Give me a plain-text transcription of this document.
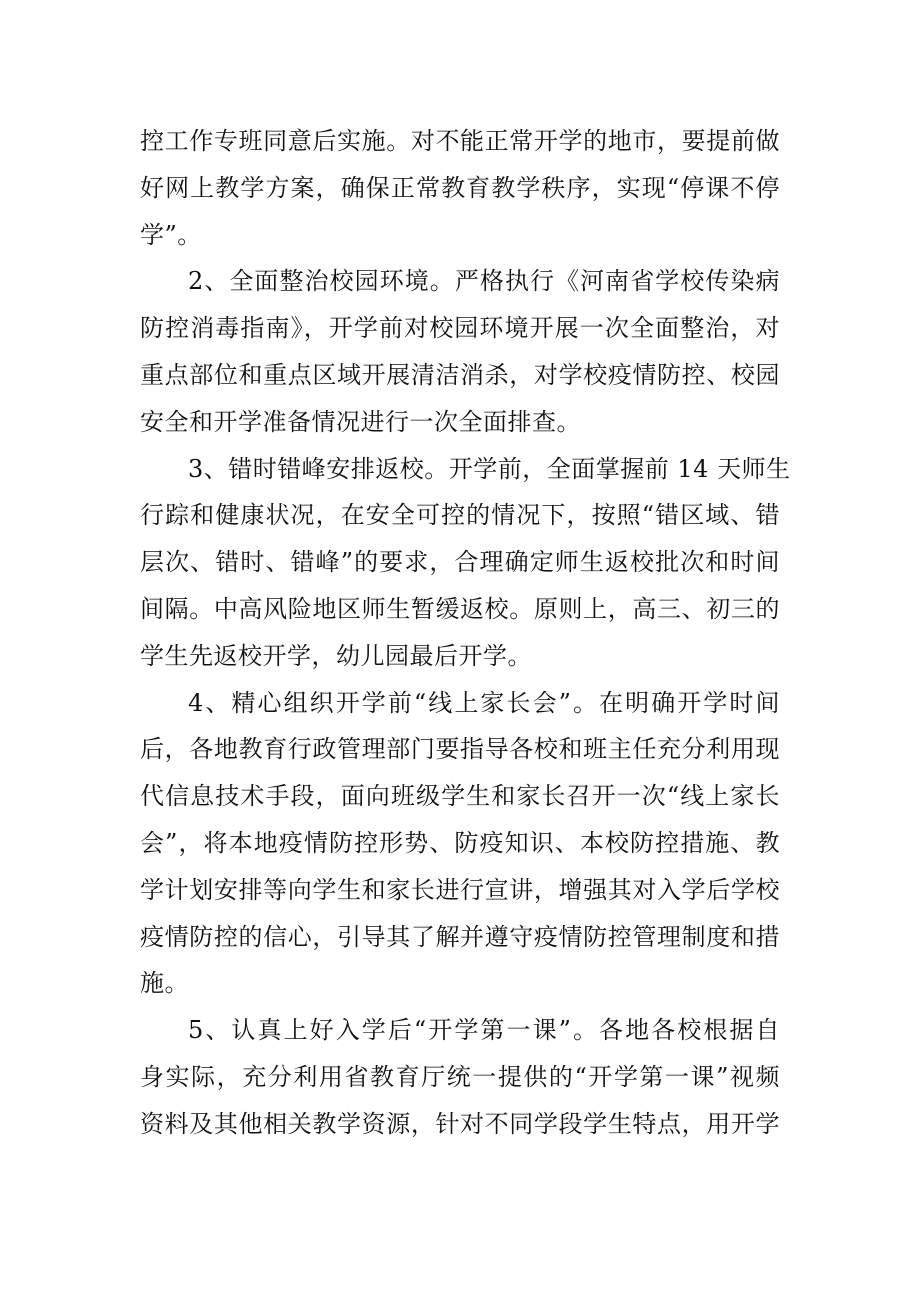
控工作专班同意后实施。对不能正常开学的地市，要提前做
好网上教学方案，确保正常教育教学秩序，实现“停课不停
学”。
2、全面整治校园环境。严格执行《河南省学校传染病
防控消毒指南》，开学前对校园环境开展一次全面整治，对
重点部位和重点区域开展清洁消杀，对学校疫情防控、校园
安全和开学准备情况进行一次全面排查。
3、错时错峰安排返校。开学前，全面掌握前 14 天师生
行踪和健康状况，在安全可控的情况下，按照“错区域、错
层次、错时、错峰”的要求，合理确定师生返校批次和时间
间隔。中高风险地区师生暂缓返校。原则上，高三、初三的
学生先返校开学，幼儿园最后开学。
4、精心组织开学前“线上家长会”。在明确开学时间
后，各地教育行政管理部门要指导各校和班主任充分利用现
代信息技术手段，面向班级学生和家长召开一次“线上家长
会”，将本地疫情防控形势、防疫知识、本校防控措施、教
学计划安排等向学生和家长进行宣讲，增强其对入学后学校
疫情防控的信心，引导其了解并遵守疫情防控管理制度和措
施。
5、认真上好入学后“开学第一课”。各地各校根据自
身实际，充分利用省教育厅统一提供的“开学第一课”视频
资料及其他相关教学资源，针对不同学段学生特点，用开学
